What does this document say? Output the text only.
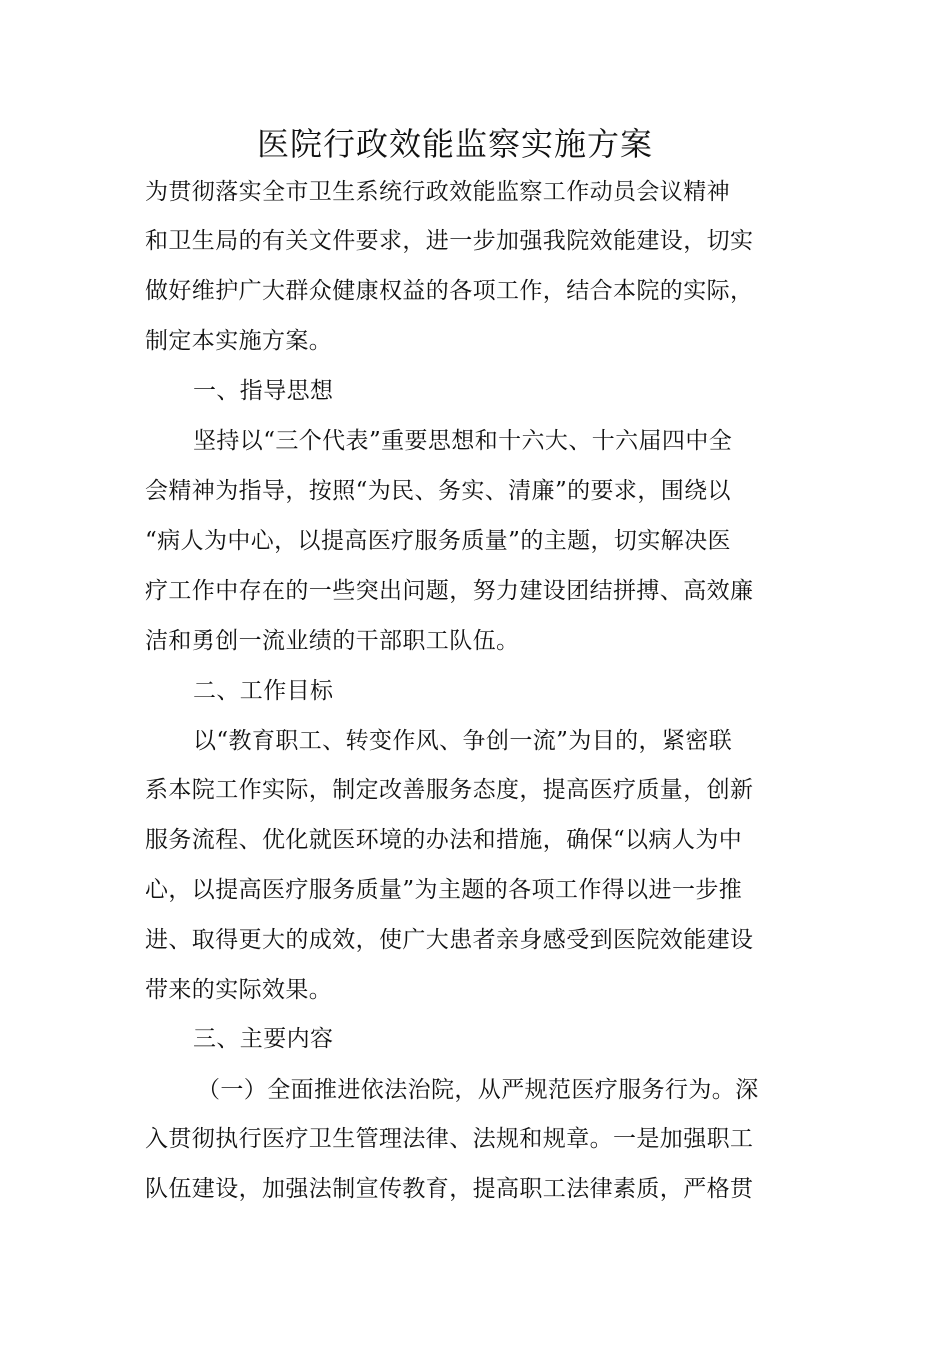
医院行政效能监察实施方案
为贯彻落实全市卫生系统行政效能监察工作动员会议精神
和卫生局的有关文件要求，进一步加强我院效能建设，切实
做好维护广大群众健康权益的各项工作，结合本院的实际，
制定本实施方案。
一、指导思想
坚持以“三个代表”重要思想和十六大、十六届四中全
会精神为指导，按照“为民、务实、清廉”的要求，围绕以
“病人为中心，以提高医疗服务质量”的主题，切实解决医
疗工作中存在的一些突出问题，努力建设团结拼搏、高效廉
洁和勇创一流业绩的干部职工队伍。
二、工作目标
以“教育职工、转变作风、争创一流”为目的，紧密联
系本院工作实际，制定改善服务态度，提高医疗质量，创新
服务流程、优化就医环境的办法和措施，确保“以病人为中
心，以提高医疗服务质量”为主题的各项工作得以进一步推
进、取得更大的成效，使广大患者亲身感受到医院效能建设
带来的实际效果。
三、主要内容
（一）全面推进依法治院，从严规范医疗服务行为。深
入贯彻执行医疗卫生管理法律、法规和规章。一是加强职工
队伍建设，加强法制宣传教育，提高职工法律素质，严格贯
